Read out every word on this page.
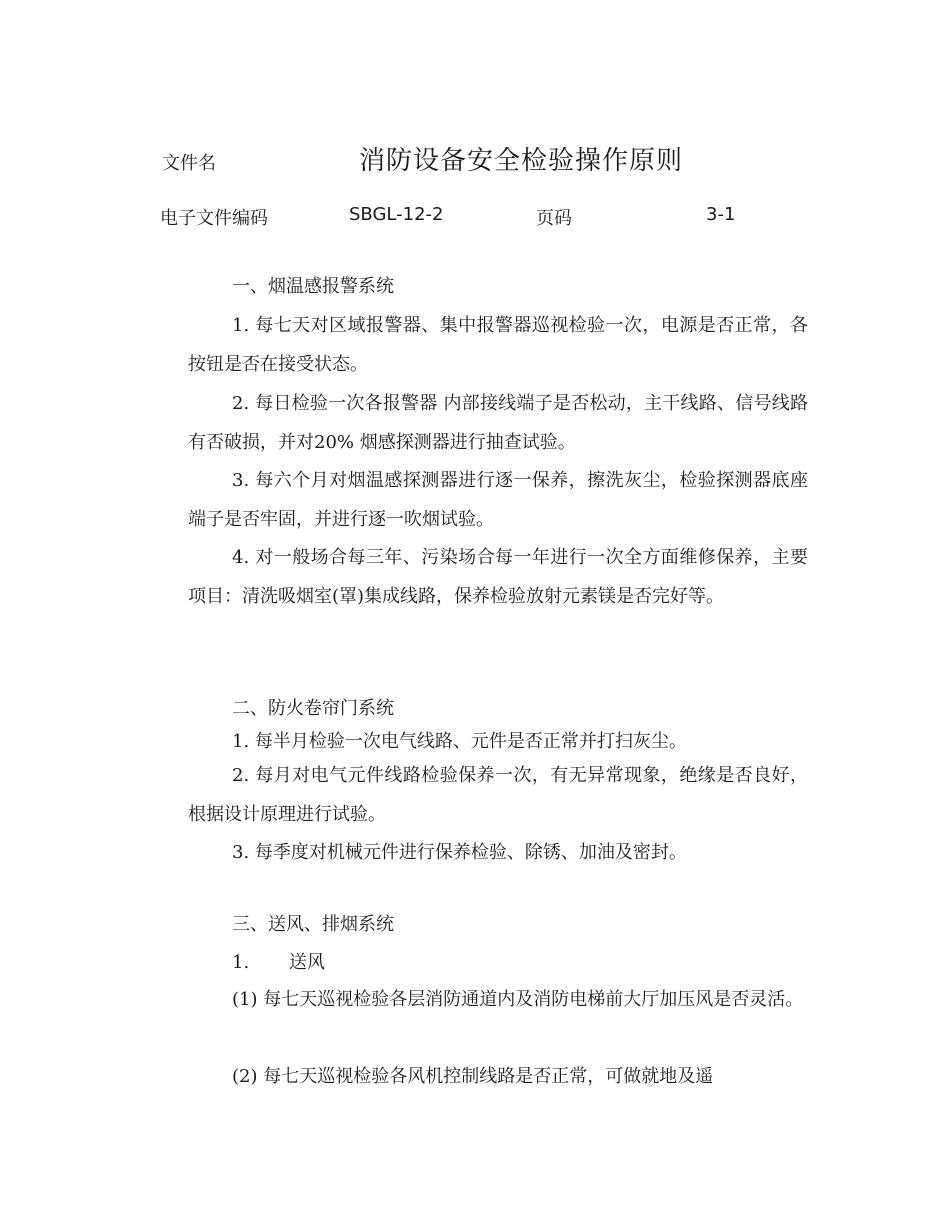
文件名	消防设备安全检验操作原则
电子文件编码	SBGL-12-2	页码	3-1
一、烟温感报警系统
1. 每七天对区域报警器、集中报警器巡视检验一次，电源是否正常，各按钮是否在接受状态。
2. 每日检验一次各报警器 内部接线端子是否松动，主干线路、信号线路有否破损，并对20% 烟感探测器进行抽查试验。
3. 每六个月对烟温感探测器进行逐一保养，擦洗灰尘，检验探测器底座端子是否牢固，并进行逐一吹烟试验。
4. 对一般场合每三年、污染场合每一年进行一次全方面维修保养，主要项目：清洗吸烟室(罩)集成线路，保养检验放射元素镁是否完好等。
二、防火卷帘门系统
1. 每半月检验一次电气线路、元件是否正常并打扫灰尘。
2. 每月对电气元件线路检验保养一次，有无异常现象，绝缘是否良好，根据设计原理进行试验。
3. 每季度对机械元件进行保养检验、除锈、加油及密封。
三、送风、排烟系统
1. 送风
(1) 每七天巡视检验各层消防通道内及消防电梯前大厅加压风是否灵活。
(2) 每七天巡视检验各风机控制线路是否正常，可做就地及遥
